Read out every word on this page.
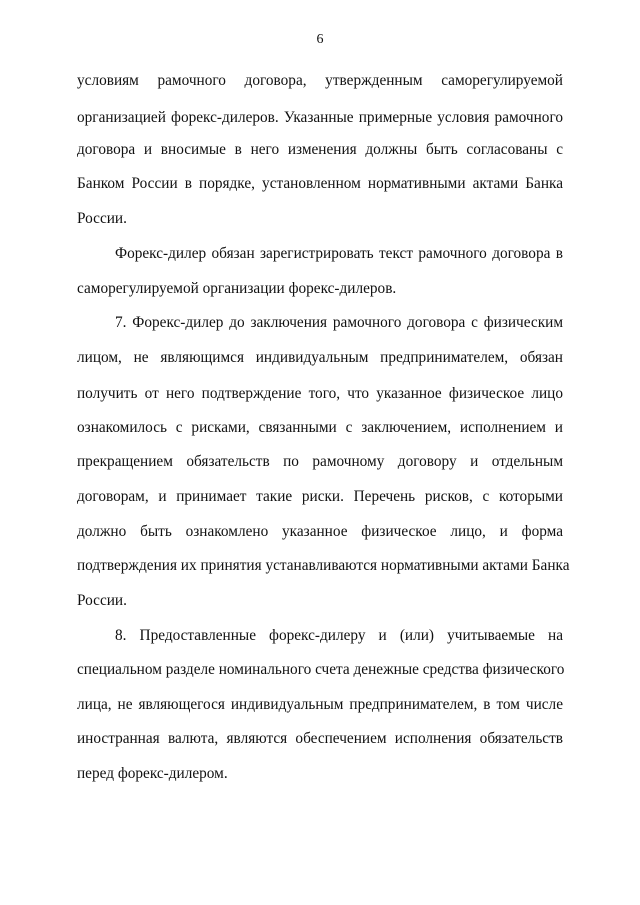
6
условиям рамочного договора, утвержденным саморегулируемой
организацией форекс-дилеров. Указанные примерные условия рамочного
договора и вносимые в него изменения должны быть согласованы с
Банком России в порядке, установленном нормативными актами Банка
России.
Форекс-дилер обязан зарегистрировать текст рамочного договора в
саморегулируемой организации форекс-дилеров.
7. Форекс-дилер до заключения рамочного договора с физическим
лицом, не являющимся индивидуальным предпринимателем, обязан
получить от него подтверждение того, что указанное физическое лицо
ознакомилось с рисками, связанными с заключением, исполнением и
прекращением обязательств по рамочному договору и отдельным
договорам, и принимает такие риски. Перечень рисков, с которыми
должно быть ознакомлено указанное физическое лицо, и форма
подтверждения их принятия устанавливаются нормативными актами Банка
России.
8. Предоставленные форекс-дилеру и (или) учитываемые на
специальном разделе номинального счета денежные средства физического
лица, не являющегося индивидуальным предпринимателем, в том числе
иностранная валюта, являются обеспечением исполнения обязательств
перед форекс-дилером.
